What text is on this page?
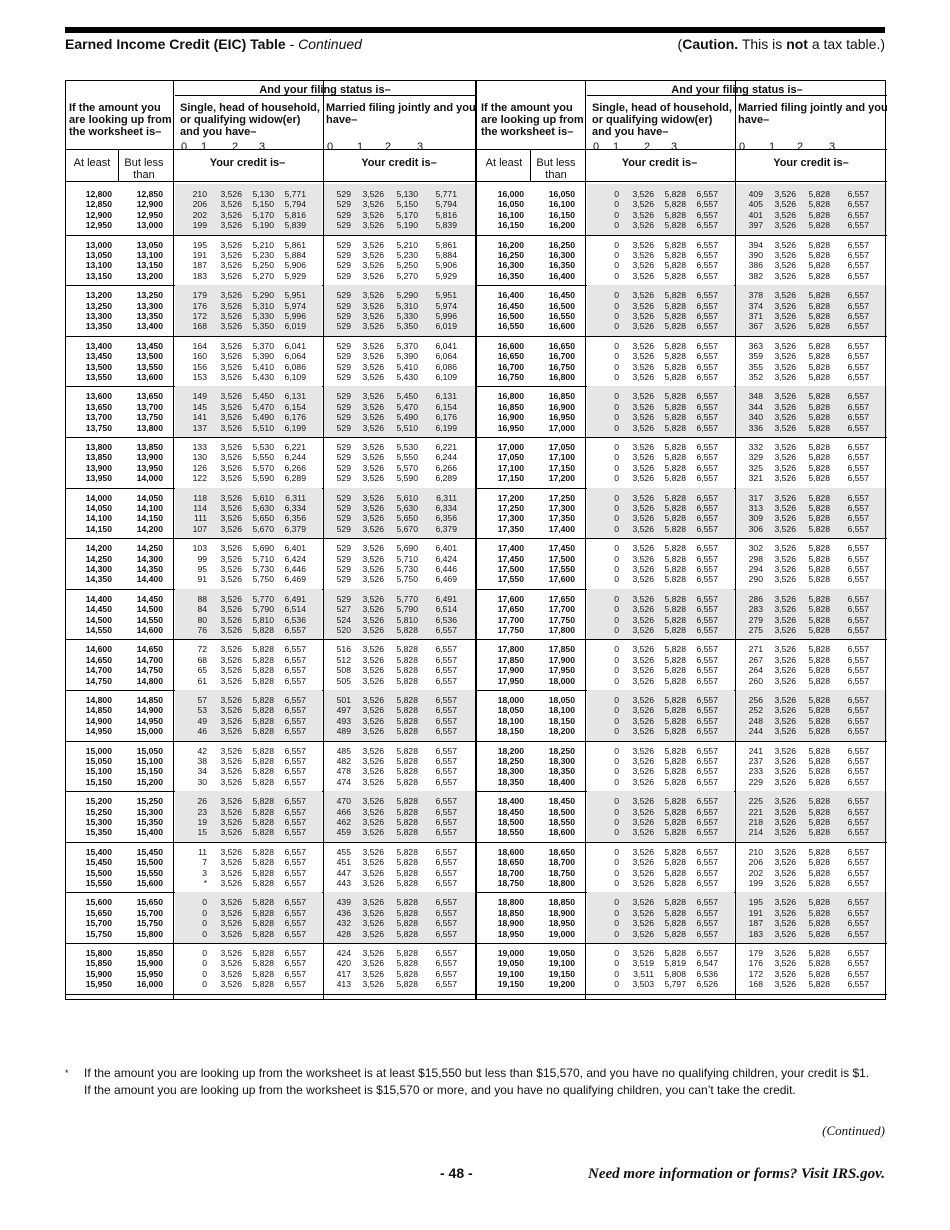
Earned Income Credit (EIC) Table - Continued	(Caution. This is not a tax table.)
And your filing status is–
If the amount you are looking up from the worksheet is–
Single, head of household, or qualifying widow(er) and you have–
Married filing jointly and you have–
0	1	2	3	0	1	2	3
At least	But less than
Your credit is–	Your credit is–
12,800	12,850	210	3,526	5,130	5,771	529	3,526	5,130	5,771
12,850	12,900	206	3,526	5,150	5,794	529	3,526	5,150	5,794
12,900	12,950	202	3,526	5,170	5,816	529	3,526	5,170	5,816
12,950	13,000	199	3,526	5,190	5,839	529	3,526	5,190	5,839
13,000	13,050	195	3,526	5,210	5,861	529	3,526	5,210	5,861
13,050	13,100	191	3,526	5,230	5,884	529	3,526	5,230	5,884
13,100	13,150	187	3,526	5,250	5,906	529	3,526	5,250	5,906
13,150	13,200	183	3,526	5,270	5,929	529	3,526	5,270	5,929
13,200	13,250	179	3,526	5,290	5,951	529	3,526	5,290	5,951
13,250	13,300	176	3,526	5,310	5,974	529	3,526	5,310	5,974
13,300	13,350	172	3,526	5,330	5,996	529	3,526	5,330	5,996
13,350	13,400	168	3,526	5,350	6,019	529	3,526	5,350	6,019
13,400	13,450	164	3,526	5,370	6,041	529	3,526	5,370	6,041
13,450	13,500	160	3,526	5,390	6,064	529	3,526	5,390	6,064
13,500	13,550	156	3,526	5,410	6,086	529	3,526	5,410	6,086
13,550	13,600	153	3,526	5,430	6,109	529	3,526	5,430	6,109
13,600	13,650	149	3,526	5,450	6,131	529	3,526	5,450	6,131
13,650	13,700	145	3,526	5,470	6,154	529	3,526	5,470	6,154
13,700	13,750	141	3,526	5,490	6,176	529	3,526	5,490	6,176
13,750	13,800	137	3,526	5,510	6,199	529	3,526	5,510	6,199
13,800	13,850	133	3,526	5,530	6,221	529	3,526	5,530	6,221
13,850	13,900	130	3,526	5,550	6,244	529	3,526	5,550	6,244
13,900	13,950	126	3,526	5,570	6,266	529	3,526	5,570	6,266
13,950	14,000	122	3,526	5,590	6,289	529	3,526	5,590	6,289
14,000	14,050	118	3,526	5,610	6,311	529	3,526	5,610	6,311
14,050	14,100	114	3,526	5,630	6,334	529	3,526	5,630	6,334
14,100	14,150	111	3,526	5,650	6,356	529	3,526	5,650	6,356
14,150	14,200	107	3,526	5,670	6,379	529	3,526	5,670	6,379
14,200	14,250	103	3,526	5,690	6,401	529	3,526	5,690	6,401
14,250	14,300	99	3,526	5,710	6,424	529	3,526	5,710	6,424
14,300	14,350	95	3,526	5,730	6,446	529	3,526	5,730	6,446
14,350	14,400	91	3,526	5,750	6,469	529	3,526	5,750	6,469
14,400	14,450	88	3,526	5,770	6,491	529	3,526	5,770	6,491
14,450	14,500	84	3,526	5,790	6,514	527	3,526	5,790	6,514
14,500	14,550	80	3,526	5,810	6,536	524	3,526	5,810	6,536
14,550	14,600	76	3,526	5,828	6,557	520	3,526	5,828	6,557
14,600	14,650	72	3,526	5,828	6,557	516	3,526	5,828	6,557
14,650	14,700	68	3,526	5,828	6,557	512	3,526	5,828	6,557
14,700	14,750	65	3,526	5,828	6,557	508	3,526	5,828	6,557
14,750	14,800	61	3,526	5,828	6,557	505	3,526	5,828	6,557
14,800	14,850	57	3,526	5,828	6,557	501	3,526	5,828	6,557
14,850	14,900	53	3,526	5,828	6,557	497	3,526	5,828	6,557
14,900	14,950	49	3,526	5,828	6,557	493	3,526	5,828	6,557
14,950	15,000	46	3,526	5,828	6,557	489	3,526	5,828	6,557
15,000	15,050	42	3,526	5,828	6,557	485	3,526	5,828	6,557
15,050	15,100	38	3,526	5,828	6,557	482	3,526	5,828	6,557
15,100	15,150	34	3,526	5,828	6,557	478	3,526	5,828	6,557
15,150	15,200	30	3,526	5,828	6,557	474	3,526	5,828	6,557
15,200	15,250	26	3,526	5,828	6,557	470	3,526	5,828	6,557
15,250	15,300	23	3,526	5,828	6,557	466	3,526	5,828	6,557
15,300	15,350	19	3,526	5,828	6,557	462	3,526	5,828	6,557
15,350	15,400	15	3,526	5,828	6,557	459	3,526	5,828	6,557
15,400	15,450	11	3,526	5,828	6,557	455	3,526	5,828	6,557
15,450	15,500	7	3,526	5,828	6,557	451	3,526	5,828	6,557
15,500	15,550	3	3,526	5,828	6,557	447	3,526	5,828	6,557
15,550	15,600	*	3,526	5,828	6,557	443	3,526	5,828	6,557
15,600	15,650	0	3,526	5,828	6,557	439	3,526	5,828	6,557
15,650	15,700	0	3,526	5,828	6,557	436	3,526	5,828	6,557
15,700	15,750	0	3,526	5,828	6,557	432	3,526	5,828	6,557
15,750	15,800	0	3,526	5,828	6,557	428	3,526	5,828	6,557
15,800	15,850	0	3,526	5,828	6,557	424	3,526	5,828	6,557
15,850	15,900	0	3,526	5,828	6,557	420	3,526	5,828	6,557
15,900	15,950	0	3,526	5,828	6,557	417	3,526	5,828	6,557
15,950	16,000	0	3,526	5,828	6,557	413	3,526	5,828	6,557
And your filing status is–
If the amount you are looking up from the worksheet is–
Single, head of household, or qualifying widow(er) and you have–
Married filing jointly and you have–
0	1	2	3	0	1	2	3
At least	But less than
Your credit is–	Your credit is–
16,000	16,050	0	3,526	5,828	6,557	409	3,526	5,828	6,557
16,050	16,100	0	3,526	5,828	6,557	405	3,526	5,828	6,557
16,100	16,150	0	3,526	5,828	6,557	401	3,526	5,828	6,557
16,150	16,200	0	3,526	5,828	6,557	397	3,526	5,828	6,557
16,200	16,250	0	3,526	5,828	6,557	394	3,526	5,828	6,557
16,250	16,300	0	3,526	5,828	6,557	390	3,526	5,828	6,557
16,300	16,350	0	3,526	5,828	6,557	386	3,526	5,828	6,557
16,350	16,400	0	3,526	5,828	6,557	382	3,526	5,828	6,557
16,400	16,450	0	3,526	5,828	6,557	378	3,526	5,828	6,557
16,450	16,500	0	3,526	5,828	6,557	374	3,526	5,828	6,557
16,500	16,550	0	3,526	5,828	6,557	371	3,526	5,828	6,557
16,550	16,600	0	3,526	5,828	6,557	367	3,526	5,828	6,557
16,600	16,650	0	3,526	5,828	6,557	363	3,526	5,828	6,557
16,650	16,700	0	3,526	5,828	6,557	359	3,526	5,828	6,557
16,700	16,750	0	3,526	5,828	6,557	355	3,526	5,828	6,557
16,750	16,800	0	3,526	5,828	6,557	352	3,526	5,828	6,557
16,800	16,850	0	3,526	5,828	6,557	348	3,526	5,828	6,557
16,850	16,900	0	3,526	5,828	6,557	344	3,526	5,828	6,557
16,900	16,950	0	3,526	5,828	6,557	340	3,526	5,828	6,557
16,950	17,000	0	3,526	5,828	6,557	336	3,526	5,828	6,557
17,000	17,050	0	3,526	5,828	6,557	332	3,526	5,828	6,557
17,050	17,100	0	3,526	5,828	6,557	329	3,526	5,828	6,557
17,100	17,150	0	3,526	5,828	6,557	325	3,526	5,828	6,557
17,150	17,200	0	3,526	5,828	6,557	321	3,526	5,828	6,557
17,200	17,250	0	3,526	5,828	6,557	317	3,526	5,828	6,557
17,250	17,300	0	3,526	5,828	6,557	313	3,526	5,828	6,557
17,300	17,350	0	3,526	5,828	6,557	309	3,526	5,828	6,557
17,350	17,400	0	3,526	5,828	6,557	306	3,526	5,828	6,557
17,400	17,450	0	3,526	5,828	6,557	302	3,526	5,828	6,557
17,450	17,500	0	3,526	5,828	6,557	298	3,526	5,828	6,557
17,500	17,550	0	3,526	5,828	6,557	294	3,526	5,828	6,557
17,550	17,600	0	3,526	5,828	6,557	290	3,526	5,828	6,557
17,600	17,650	0	3,526	5,828	6,557	286	3,526	5,828	6,557
17,650	17,700	0	3,526	5,828	6,557	283	3,526	5,828	6,557
17,700	17,750	0	3,526	5,828	6,557	279	3,526	5,828	6,557
17,750	17,800	0	3,526	5,828	6,557	275	3,526	5,828	6,557
17,800	17,850	0	3,526	5,828	6,557	271	3,526	5,828	6,557
17,850	17,900	0	3,526	5,828	6,557	267	3,526	5,828	6,557
17,900	17,950	0	3,526	5,828	6,557	264	3,526	5,828	6,557
17,950	18,000	0	3,526	5,828	6,557	260	3,526	5,828	6,557
18,000	18,050	0	3,526	5,828	6,557	256	3,526	5,828	6,557
18,050	18,100	0	3,526	5,828	6,557	252	3,526	5,828	6,557
18,100	18,150	0	3,526	5,828	6,557	248	3,526	5,828	6,557
18,150	18,200	0	3,526	5,828	6,557	244	3,526	5,828	6,557
18,200	18,250	0	3,526	5,828	6,557	241	3,526	5,828	6,557
18,250	18,300	0	3,526	5,828	6,557	237	3,526	5,828	6,557
18,300	18,350	0	3,526	5,828	6,557	233	3,526	5,828	6,557
18,350	18,400	0	3,526	5,828	6,557	229	3,526	5,828	6,557
18,400	18,450	0	3,526	5,828	6,557	225	3,526	5,828	6,557
18,450	18,500	0	3,526	5,828	6,557	221	3,526	5,828	6,557
18,500	18,550	0	3,526	5,828	6,557	218	3,526	5,828	6,557
18,550	18,600	0	3,526	5,828	6,557	214	3,526	5,828	6,557
18,600	18,650	0	3,526	5,828	6,557	210	3,526	5,828	6,557
18,650	18,700	0	3,526	5,828	6,557	206	3,526	5,828	6,557
18,700	18,750	0	3,526	5,828	6,557	202	3,526	5,828	6,557
18,750	18,800	0	3,526	5,828	6,557	199	3,526	5,828	6,557
18,800	18,850	0	3,526	5,828	6,557	195	3,526	5,828	6,557
18,850	18,900	0	3,526	5,828	6,557	191	3,526	5,828	6,557
18,900	18,950	0	3,526	5,828	6,557	187	3,526	5,828	6,557
18,950	19,000	0	3,526	5,828	6,557	183	3,526	5,828	6,557
19,000	19,050	0	3,526	5,828	6,557	179	3,526	5,828	6,557
19,050	19,100	0	3,519	5,819	6,547	176	3,526	5,828	6,557
19,100	19,150	0	3,511	5,808	6,536	172	3,526	5,828	6,557
19,150	19,200	0	3,503	5,797	6,526	168	3,526	5,828	6,557
* If the amount you are looking up from the worksheet is at least $15,550 but less than $15,570, and you have no qualifying children, your credit is $1.
If the amount you are looking up from the worksheet is $15,570 or more, and you have no qualifying children, you can’t take the credit.
(Continued)
- 48 -	Need more information or forms? Visit IRS.gov.
